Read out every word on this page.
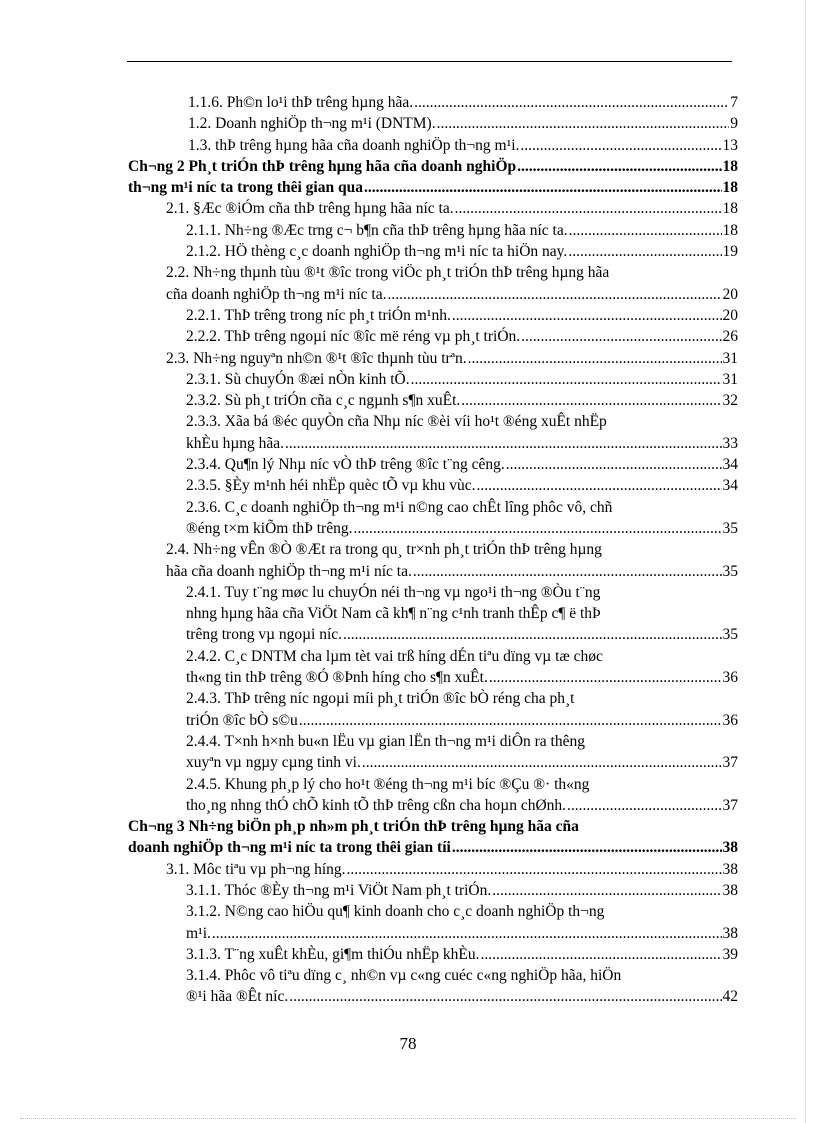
1.1.6. Ph©n lo¹i thÞ trêng hµng hãa. .....	7
1.2. Doanh nghiÖp th¬ng m¹i (DNTM). .....	9
1.3. thÞ trêng hµng hãa cña doanh nghiÖp th¬ng m¹i. .....	13
Ch¬ng 2 Ph¸t triÓn thÞ trêng hµng hãa cña doanh nghiÖp .....	18
th¬ng m¹i níc ta trong thêi gian qua .....	18
2.1. §Æc ®iÓm cña thÞ trêng hµng hãa níc ta. .....	18
2.1.1. Nh÷ng ®Æc trng c¬ b¶n cña thÞ trêng hµng hãa níc ta. .....	18
2.1.2. HÖ thèng c¸c doanh nghiÖp th¬ng m¹i níc ta hiÖn nay. .....	19
2.2. Nh÷ng thµnh tùu ®¹t ®îc trong viÖc ph¸t triÓn thÞ trêng hµng hãa
cña doanh nghiÖp th¬ng m¹i níc ta. .....	20
2.2.1. ThÞ trêng trong níc ph¸t triÓn m¹nh. .....	20
2.2.2. ThÞ trêng ngoµi níc ®îc më réng vµ ph¸t triÓn. .....	26
2.3. Nh÷ng nguyªn nh©n ®¹t ®îc thµnh tùu trªn. .....	31
2.3.1. Sù chuyÓn ®æi nÒn kinh tÕ. .....	31
2.3.2. Sù ph¸t triÓn cña c¸c ngµnh s¶n xuÊt. .....	32
2.3.3. Xãa bá ®éc quyÒn cña Nhµ níc ®èi víi ho¹t ®éng xuÊt nhËp
khÈu hµng hãa. .....	33
2.3.4. Qu¶n lý Nhµ níc vÒ thÞ trêng ®îc t¨ng cêng. .....	34
2.3.5. §Èy m¹nh héi nhËp quèc tÕ vµ khu vùc. .....	34
2.3.6. C¸c doanh nghiÖp th¬ng m¹i n©ng cao chÊt lîng phôc vô, chñ
®éng t×m kiÕm thÞ trêng. .....	35
2.4. Nh÷ng vÊn ®Ò ®Æt ra trong qu¸ tr×nh ph¸t triÓn thÞ trêng hµng
hãa cña doanh nghiÖp th¬ng m¹i níc ta. .....	35
2.4.1. Tuy t¨ng møc lu chuyÓn néi th¬ng vµ ngo¹i th¬ng ®Òu t¨ng
nhng hµng hãa cña ViÖt Nam cã kh¶ n¨ng c¹nh tranh thÊp c¶ ë thÞ
trêng trong vµ ngoµi níc. .....	35
2.4.2. C¸c DNTM cha lµm tèt vai trß híng dÉn tiªu dïng vµ tæ chøc
th«ng tin thÞ trêng ®Ó ®Þnh híng cho s¶n xuÊt. .....	36
2.4.3. ThÞ trêng níc ngoµi míi ph¸t triÓn ®îc bÒ réng cha ph¸t
triÓn ®îc bÒ s©u .....	36
2.4.4. T×nh h×nh bu«n lËu vµ gian lËn th¬ng m¹i diÔn ra thêng
xuyªn vµ ngµy cµng tinh vi. .....	37
2.4.5. Khung ph¸p lý cho ho¹t ®éng th¬ng m¹i bíc ®Çu ®· th«ng
tho¸ng nhng thÓ chÕ kinh tÕ thÞ trêng cßn cha hoµn chØnh. .....	37
Ch¬ng 3 Nh÷ng biÖn ph¸p nh»m ph¸t triÓn thÞ trêng hµng hãa cña
doanh nghiÖp th¬ng m¹i níc ta trong thêi gian tíi .....	38
3.1. Môc tiªu vµ ph¬ng híng. .....	38
3.1.1. Thóc ®Èy th¬ng m¹i ViÖt Nam ph¸t triÓn. .....	38
3.1.2. N©ng cao hiÖu qu¶ kinh doanh cho c¸c doanh nghiÖp th¬ng
m¹i. .....	38
3.1.3. T¨ng xuÊt khÈu, gi¶m thiÓu nhËp khÈu. .....	39
3.1.4. Phôc vô tiªu dïng c¸ nh©n vµ c«ng cuéc c«ng nghiÖp hãa, hiÖn
®¹i hãa ®Êt níc. .....	42
78
